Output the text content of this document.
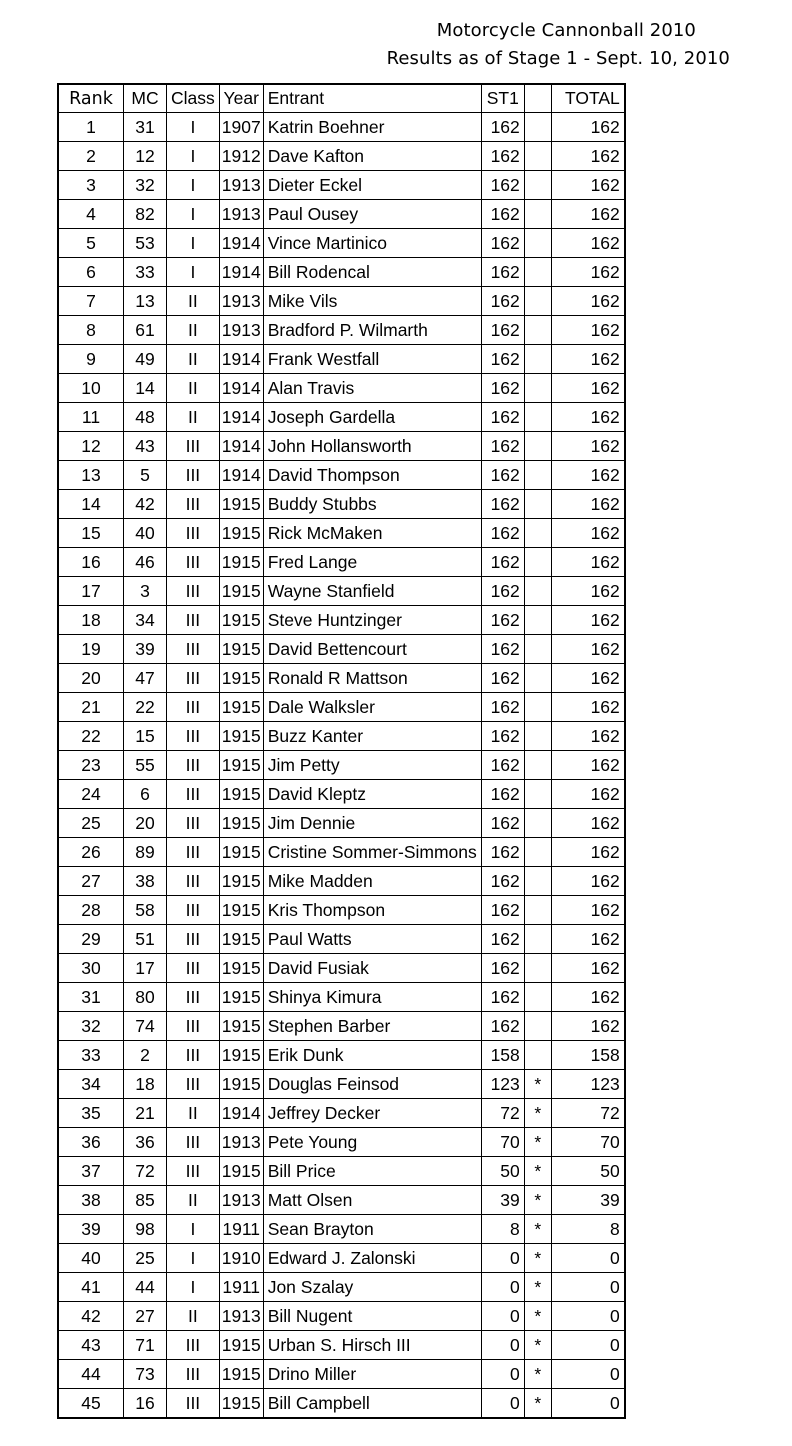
Motorcycle Cannonball 2010
Results as of Stage 1 - Sept. 10, 2010
Rank	MC	Class	Year	Entrant	ST1		TOTAL
1	31	I	1907	Katrin Boehner	162		162
2	12	I	1912	Dave Kafton	162		162
3	32	I	1913	Dieter Eckel	162		162
4	82	I	1913	Paul Ousey	162		162
5	53	I	1914	Vince Martinico	162		162
6	33	I	1914	Bill Rodencal	162		162
7	13	II	1913	Mike Vils	162		162
8	61	II	1913	Bradford P. Wilmarth	162		162
9	49	II	1914	Frank Westfall	162		162
10	14	II	1914	Alan Travis	162		162
11	48	II	1914	Joseph Gardella	162		162
12	43	III	1914	John Hollansworth	162		162
13	5	III	1914	David Thompson	162		162
14	42	III	1915	Buddy Stubbs	162		162
15	40	III	1915	Rick McMaken	162		162
16	46	III	1915	Fred Lange	162		162
17	3	III	1915	Wayne Stanfield	162		162
18	34	III	1915	Steve Huntzinger	162		162
19	39	III	1915	David Bettencourt	162		162
20	47	III	1915	Ronald R Mattson	162		162
21	22	III	1915	Dale Walksler	162		162
22	15	III	1915	Buzz Kanter	162		162
23	55	III	1915	Jim Petty	162		162
24	6	III	1915	David Kleptz	162		162
25	20	III	1915	Jim Dennie	162		162
26	89	III	1915	Cristine Sommer-Simmons	162		162
27	38	III	1915	Mike Madden	162		162
28	58	III	1915	Kris Thompson	162		162
29	51	III	1915	Paul Watts	162		162
30	17	III	1915	David Fusiak	162		162
31	80	III	1915	Shinya Kimura	162		162
32	74	III	1915	Stephen Barber	162		162
33	2	III	1915	Erik Dunk	158		158
34	18	III	1915	Douglas Feinsod	123	*	123
35	21	II	1914	Jeffrey Decker	72	*	72
36	36	III	1913	Pete Young	70	*	70
37	72	III	1915	Bill Price	50	*	50
38	85	II	1913	Matt Olsen	39	*	39
39	98	I	1911	Sean Brayton	8	*	8
40	25	I	1910	Edward J. Zalonski	0	*	0
41	44	I	1911	Jon Szalay	0	*	0
42	27	II	1913	Bill Nugent	0	*	0
43	71	III	1915	Urban S. Hirsch III	0	*	0
44	73	III	1915	Drino Miller	0	*	0
45	16	III	1915	Bill Campbell	0	*	0
